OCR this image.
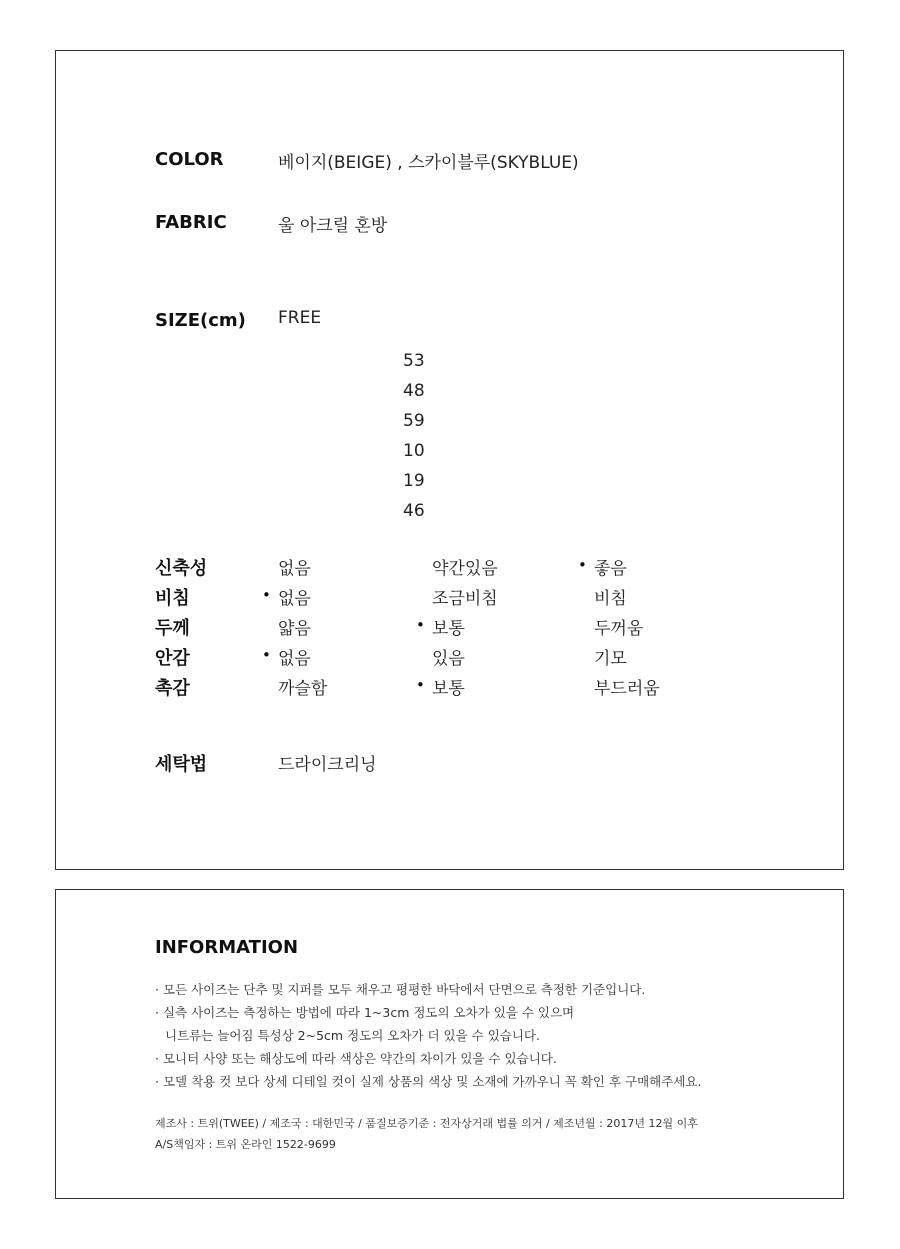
COLOR	베이지(BEIGE) , 스카이블루(SKYBLUE)
FABRIC	울 아크릴 혼방
SIZE(cm) FREE
53
48
59
10
19
46
신축성	없음	약간있음	• 좋음
비침	• 없음	조금비침	비침
두께	얇음	• 보통	두꺼움
안감	• 없음	있음	기모
촉감	까슬함	• 보통	부드러움
세탁법	드라이크리닝
INFORMATION
· 모든 사이즈는 단추 및 지퍼를 모두 채우고 평평한 바닥에서 단면으로 측정한 기준입니다.
· 실측 사이즈는 측정하는 방법에 따라 1~3cm 정도의 오차가 있을 수 있으며
니트류는 늘어짐 특성상 2~5cm 정도의 오차가 더 있을 수 있습니다.
· 모니터 사양 또는 해상도에 따라 색상은 약간의 차이가 있을 수 있습니다.
· 모델 착용 컷 보다 상세 디테일 컷이 실제 상품의 색상 및 소재에 가까우니 꼭 확인 후 구매해주세요.
제조사 : 트위(TWEE) / 제조국 : 대한민국 / 품질보증기준 : 전자상거래 법률 의거 / 제조년월 : 2017년 12월 이후
A/S책임자 : 트위 온라인 1522-9699
